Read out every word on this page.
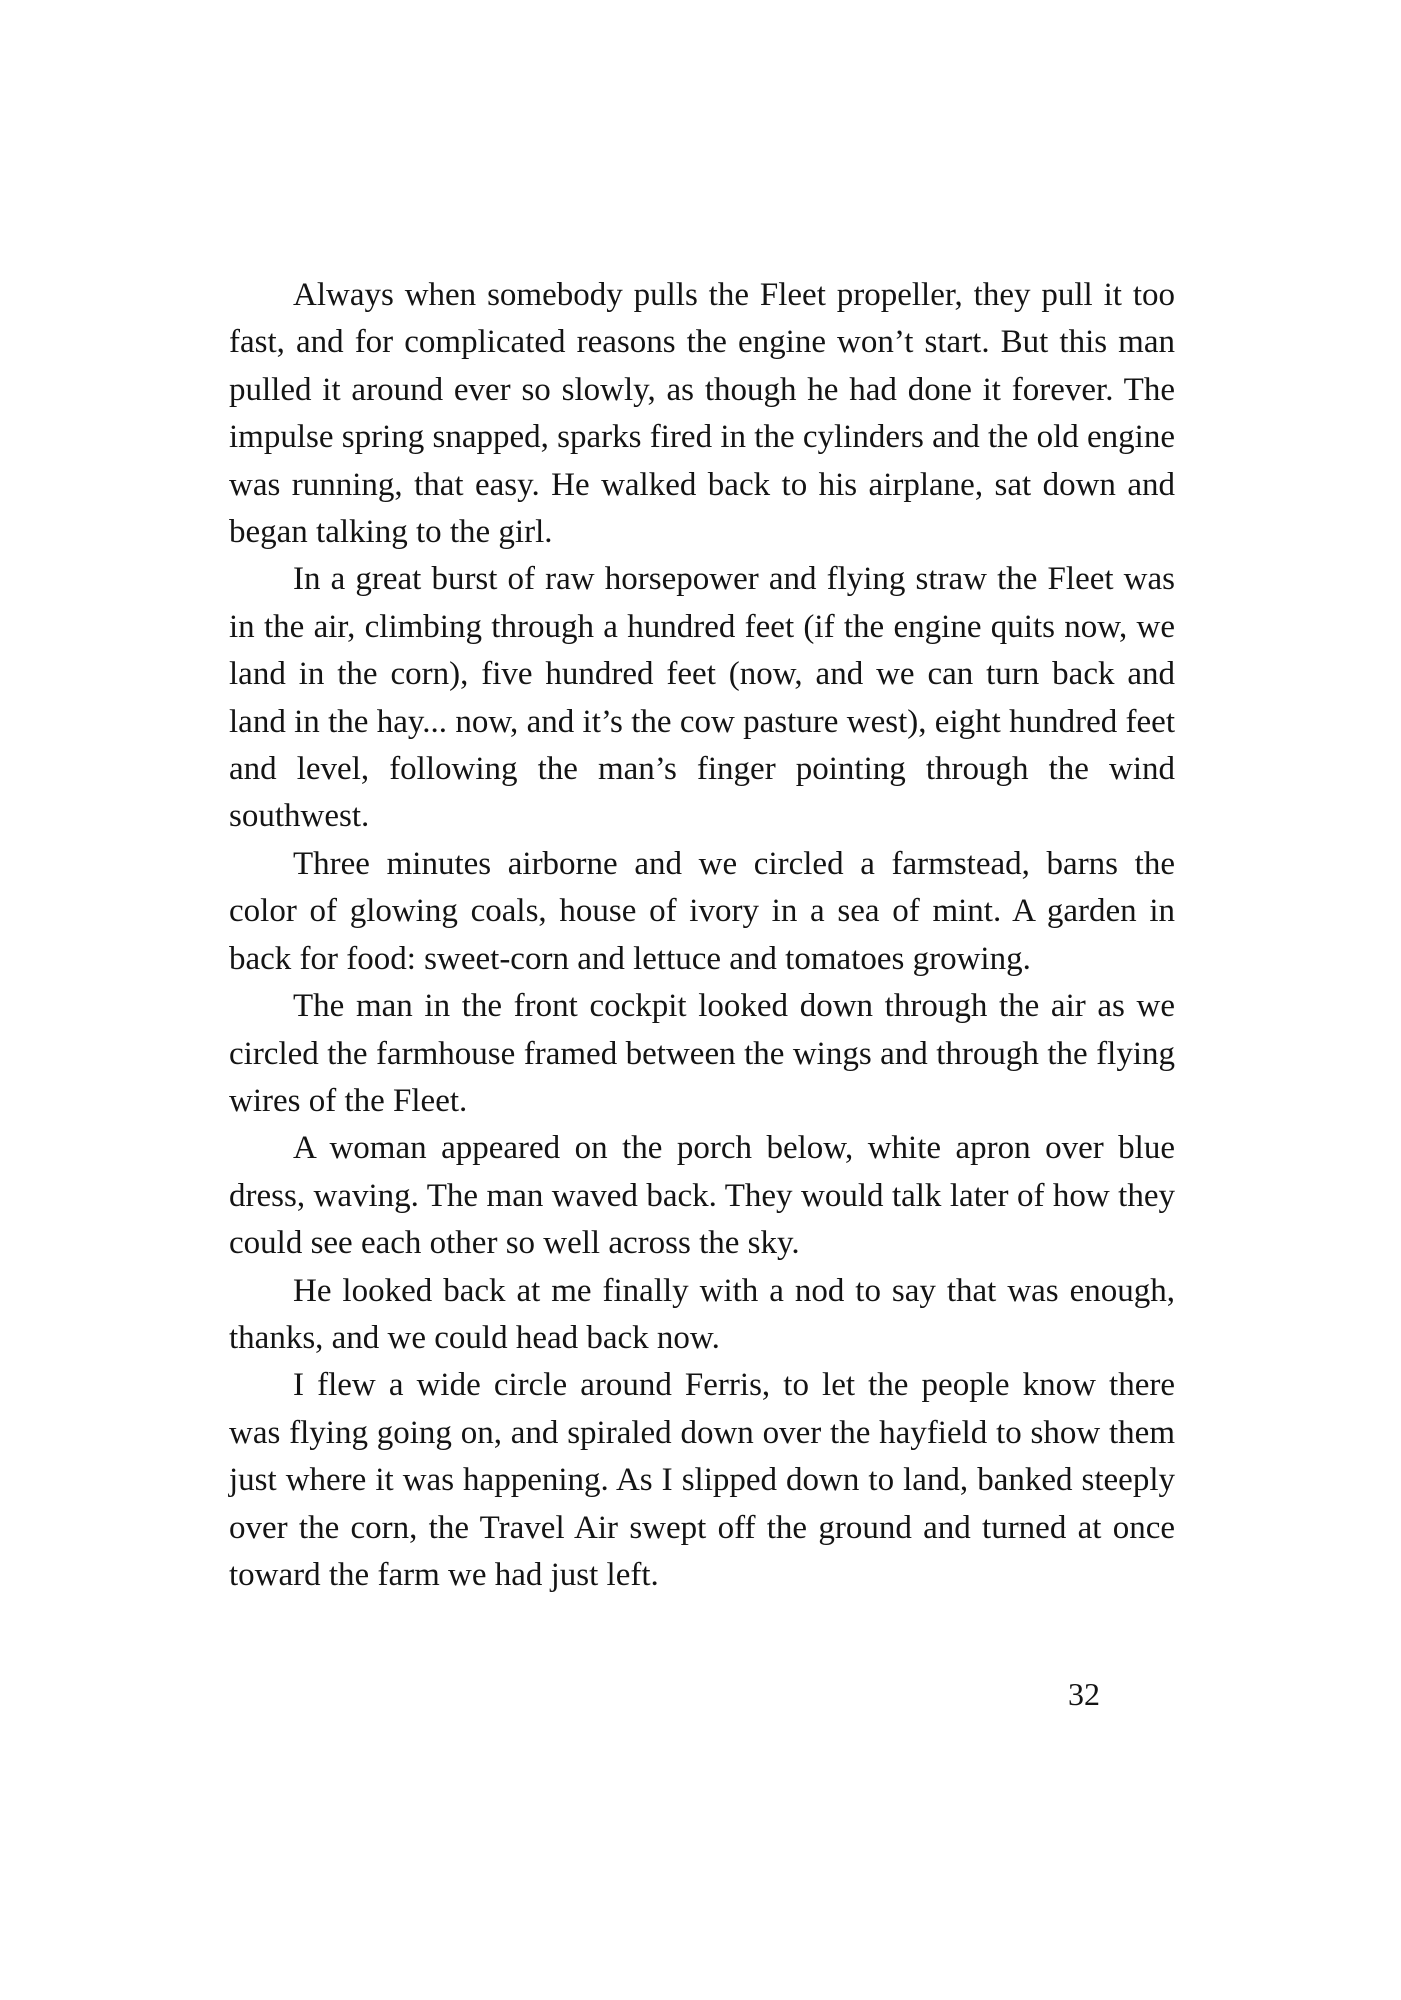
Always when somebody pulls the Fleet propeller, they pull it too fast, and for complicated reasons the engine won’t start. But this man pulled it around ever so slowly, as though he had done it forever. The impulse spring snapped, sparks fired in the cylinders and the old engine was running, that easy. He walked back to his airplane, sat down and began talking to the girl.

In a great burst of raw horsepower and flying straw the Fleet was in the air, climbing through a hundred feet (if the engine quits now, we land in the corn), five hundred feet (now, and we can turn back and land in the hay... now, and it’s the cow pasture west), eight hundred feet and level, following the man’s finger pointing through the wind southwest.

Three minutes airborne and we circled a farmstead, barns the color of glowing coals, house of ivory in a sea of mint. A garden in back for food: sweet-corn and lettuce and tomatoes growing.

The man in the front cockpit looked down through the air as we circled the farmhouse framed between the wings and through the flying wires of the Fleet.

A woman appeared on the porch below, white apron over blue dress, waving. The man waved back. They would talk later of how they could see each other so well across the sky.

He looked back at me finally with a nod to say that was enough, thanks, and we could head back now.

I flew a wide circle around Ferris, to let the people know there was flying going on, and spiraled down over the hayfield to show them just where it was happening. As I slipped down to land, banked steeply over the corn, the Travel Air swept off the ground and turned at once toward the farm we had just left.

32
